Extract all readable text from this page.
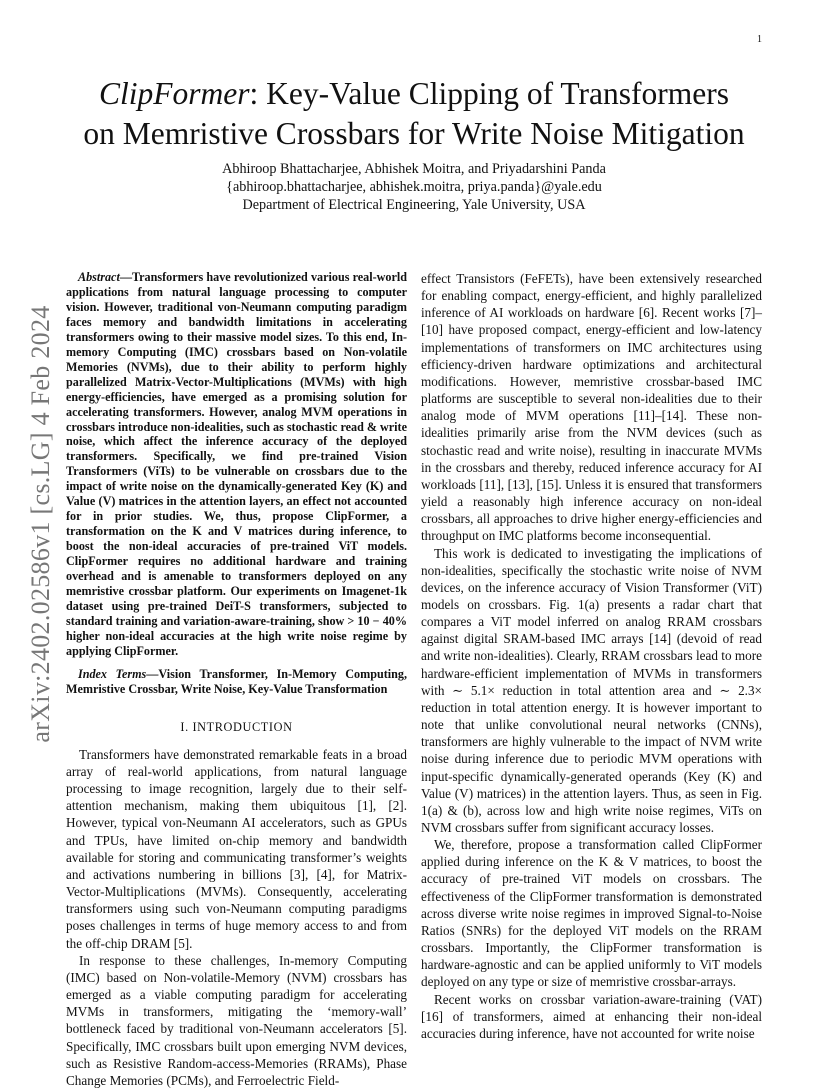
1
arXiv:2402.02586v1 [cs.LG] 4 Feb 2024
ClipFormer: Key-Value Clipping of Transformers
on Memristive Crossbars for Write Noise Mitigation
Abhiroop Bhattacharjee, Abhishek Moitra, and Priyadarshini Panda
{abhiroop.bhattacharjee, abhishek.moitra, priya.panda}@yale.edu
Department of Electrical Engineering, Yale University, USA

Abstract—Transformers have revolutionized various real-world applications from natural language processing to computer vision. However, traditional von-Neumann computing paradigm faces memory and bandwidth limitations in accelerating transformers owing to their massive model sizes. To this end, In-memory Computing (IMC) crossbars based on Non-volatile Memories (NVMs), due to their ability to perform highly parallelized Matrix-Vector-Multiplications (MVMs) with high energy-efficiencies, have emerged as a promising solution for accelerating transformers. However, analog MVM operations in crossbars introduce non-idealities, such as stochastic read & write noise, which affect the inference accuracy of the deployed transformers. Specifically, we find pre-trained Vision Transformers (ViTs) to be vulnerable on crossbars due to the impact of write noise on the dynamically-generated Key (K) and Value (V) matrices in the attention layers, an effect not accounted for in prior studies. We, thus, propose ClipFormer, a transformation on the K and V matrices during inference, to boost the non-ideal accuracies of pre-trained ViT models. ClipFormer requires no additional hardware and training overhead and is amenable to transformers deployed on any memristive crossbar platform. Our experiments on Imagenet-1k dataset using pre-trained DeiT-S transformers, subjected to standard training and variation-aware-training, show > 10 − 40% higher non-ideal accuracies at the high write noise regime by applying ClipFormer.

Index Terms—Vision Transformer, In-Memory Computing, Memristive Crossbar, Write Noise, Key-Value Transformation

I. INTRODUCTION

Transformers have demonstrated remarkable feats in a broad array of real-world applications, from natural language processing to image recognition, largely due to their self-attention mechanism, making them ubiquitous [1], [2]. However, typical von-Neumann AI accelerators, such as GPUs and TPUs, have limited on-chip memory and bandwidth available for storing and communicating transformer’s weights and activations numbering in billions [3], [4], for Matrix-Vector-Multiplications (MVMs). Consequently, accelerating transformers using such von-Neumann computing paradigms poses challenges in terms of huge memory access to and from the off-chip DRAM [5].

In response to these challenges, In-memory Computing (IMC) based on Non-volatile-Memory (NVM) crossbars has emerged as a viable computing paradigm for accelerating MVMs in transformers, mitigating the ‘memory-wall’ bottleneck faced by traditional von-Neumann accelerators [5]. Specifically, IMC crossbars built upon emerging NVM devices, such as Resistive Random-access-Memories (RRAMs), Phase Change Memories (PCMs), and Ferroelectric Field-

effect Transistors (FeFETs), have been extensively researched for enabling compact, energy-efficient, and highly parallelized inference of AI workloads on hardware [6]. Recent works [7]–[10] have proposed compact, energy-efficient and low-latency implementations of transformers on IMC architectures using efficiency-driven hardware optimizations and architectural modifications. However, memristive crossbar-based IMC platforms are susceptible to several non-idealities due to their analog mode of MVM operations [11]–[14]. These non-idealities primarily arise from the NVM devices (such as stochastic read and write noise), resulting in inaccurate MVMs in the crossbars and thereby, reduced inference accuracy for AI workloads [11], [13], [15]. Unless it is ensured that transformers yield a reasonably high inference accuracy on non-ideal crossbars, all approaches to drive higher energy-efficiencies and throughput on IMC platforms become inconsequential.

This work is dedicated to investigating the implications of non-idealities, specifically the stochastic write noise of NVM devices, on the inference accuracy of Vision Transformer (ViT) models on crossbars. Fig. 1(a) presents a radar chart that compares a ViT model inferred on analog RRAM crossbars against digital SRAM-based IMC arrays [14] (devoid of read and write non-idealities). Clearly, RRAM crossbars lead to more hardware-efficient implementation of MVMs in transformers with ∼ 5.1× reduction in total attention area and ∼ 2.3× reduction in total attention energy. It is however important to note that unlike convolutional neural networks (CNNs), transformers are highly vulnerable to the impact of NVM write noise during inference due to periodic MVM operations with input-specific dynamically-generated operands (Key (K) and Value (V) matrices) in the attention layers. Thus, as seen in Fig. 1(a) & (b), across low and high write noise regimes, ViTs on NVM crossbars suffer from significant accuracy losses.

We, therefore, propose a transformation called ClipFormer applied during inference on the K & V matrices, to boost the accuracy of pre-trained ViT models on crossbars. The effectiveness of the ClipFormer transformation is demonstrated across diverse write noise regimes in improved Signal-to-Noise Ratios (SNRs) for the deployed ViT models on the RRAM crossbars. Importantly, the ClipFormer transformation is hardware-agnostic and can be applied uniformly to ViT models deployed on any type or size of memristive crossbar-arrays.

Recent works on crossbar variation-aware-training (VAT) [16] of transformers, aimed at enhancing their non-ideal accuracies during inference, have not accounted for write noise
